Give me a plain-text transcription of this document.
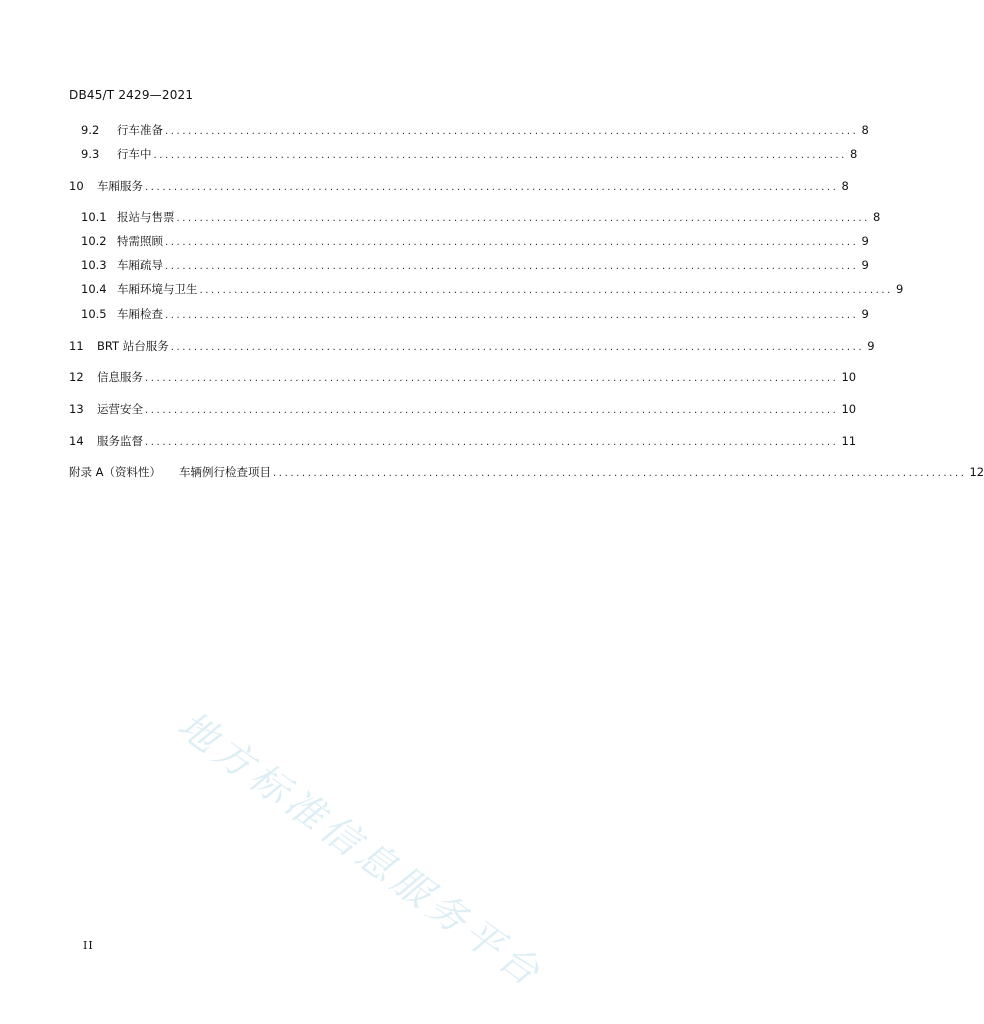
DB45/T 2429—2021
9.2	行车准备 ........................................................................................................................ 8
9.3	行车中 ........................................................................................................................ 8
10	车厢服务 ........................................................................................................................ 8
10.1 报站与售票 ........................................................................................................................ 8
10.2 特需照顾 ........................................................................................................................ 9
10.3 车厢疏导 ........................................................................................................................ 9
10.4 车厢环境与卫生 ........................................................................................................................ 9
10.5 车厢检查 ........................................................................................................................ 9
11	BRT 站台服务 ........................................................................................................................ 9
12	信息服务 ........................................................................................................................ 10
13	运营安全 ........................................................................................................................ 10
14	服务监督 ........................................................................................................................ 11
附录 A（资料性） 车辆例行检查项目 ........................................................................................................................ 12
地方标准信息服务平台
II
